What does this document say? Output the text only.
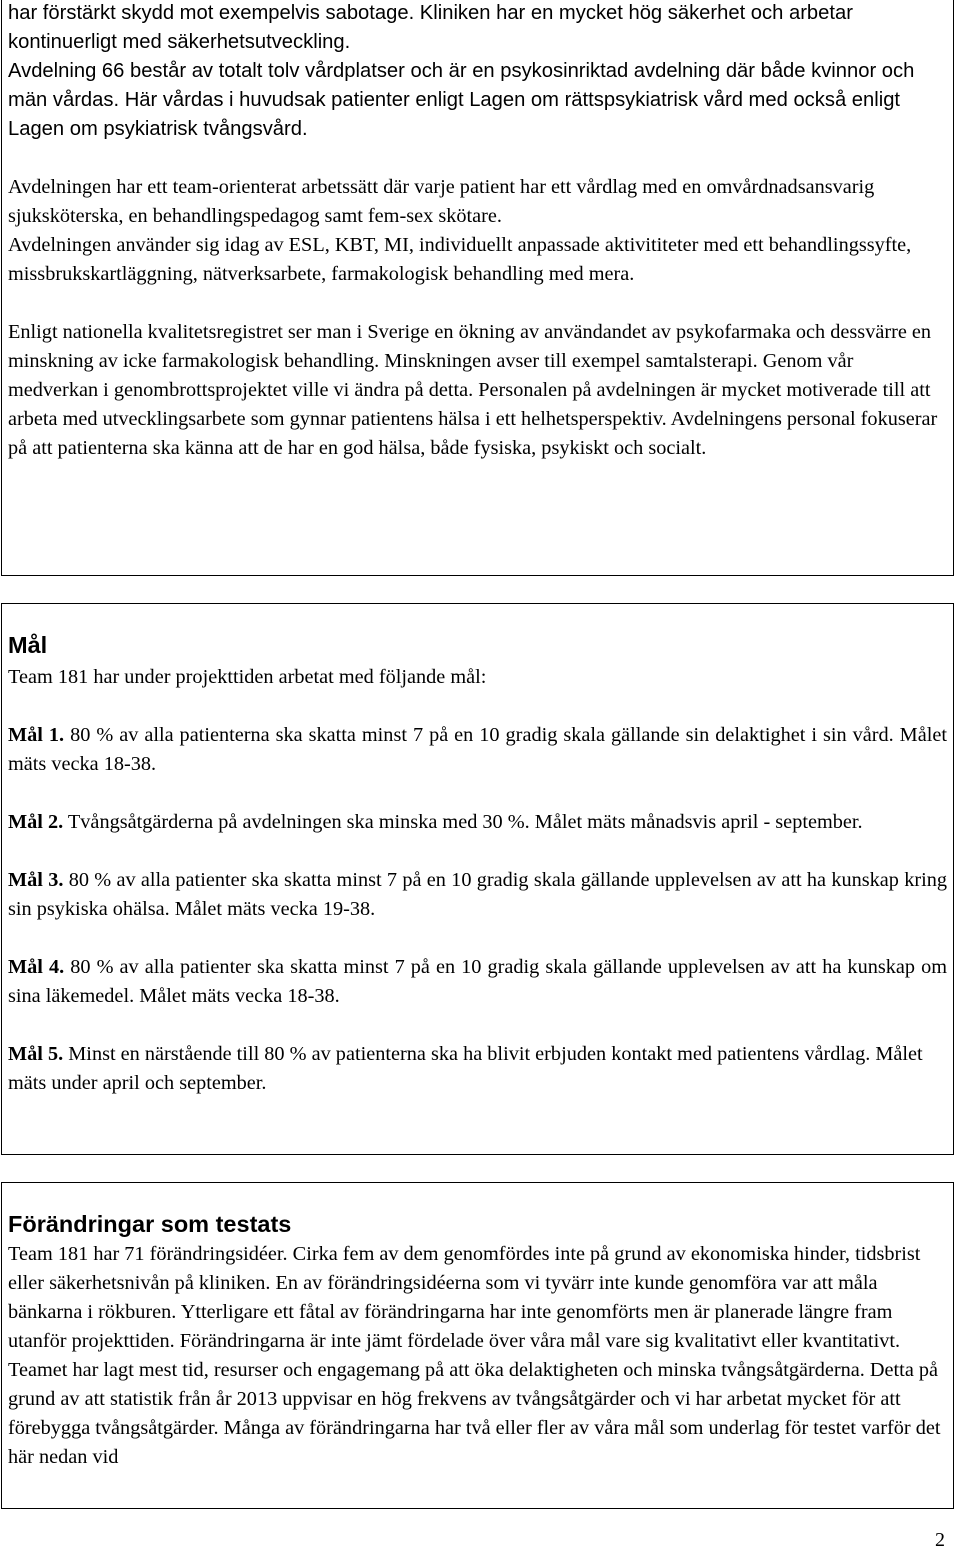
har förstärkt skydd mot exempelvis sabotage. Kliniken har en mycket hög säkerhet och arbetar kontinuerligt med säkerhetsutveckling.

Avdelning 66 består av totalt tolv vårdplatser och är en psykosinriktad avdelning där både kvinnor och män vårdas. Här vårdas i huvudsak patienter enligt Lagen om rättspsykiatrisk vård med också enligt Lagen om psykiatrisk tvångsvård.

Avdelningen har ett team-orienterat arbetssätt där varje patient har ett vårdlag med en omvårdnadsansvarig sjuksköterska, en behandlingspedagog samt fem-sex skötare.

Avdelningen använder sig idag av ESL, KBT, MI, individuellt anpassade aktivititeter med ett behandlingssyfte, missbrukskartläggning, nätverksarbete, farmakologisk behandling med mera.

Enligt nationella kvalitetsregistret ser man i Sverige en ökning av användandet av psykofarmaka och dessvärre en minskning av icke farmakologisk behandling. Minskningen avser till exempel samtalsterapi. Genom vår medverkan i genombrottsprojektet ville vi ändra på detta. Personalen på avdelningen är mycket motiverade till att arbeta med utvecklingsarbete som gynnar patientens hälsa i ett helhetsperspektiv. Avdelningens personal fokuserar på att patienterna ska känna att de har en god hälsa, både fysiska, psykiskt och socialt.

Mål

Team 181 har under projekttiden arbetat med följande mål:

Mål 1. 80 % av alla patienterna ska skatta minst 7 på en 10 gradig skala gällande sin delaktighet i sin vård. Målet mäts vecka 18-38.

Mål 2. Tvångsåtgärderna på avdelningen ska minska med 30 %. Målet mäts månadsvis april - september.

Mål 3. 80 % av alla patienter ska skatta minst 7 på en 10 gradig skala gällande upplevelsen av att ha kunskap kring sin psykiska ohälsa. Målet mäts vecka 19-38.

Mål 4. 80 % av alla patienter ska skatta minst 7 på en 10 gradig skala gällande upplevelsen av att ha kunskap om sina läkemedel. Målet mäts vecka 18-38.

Mål 5. Minst en närstående till 80 % av patienterna ska ha blivit erbjuden kontakt med patientens vårdlag. Målet mäts under april och september.

Förändringar som testats

Team 181 har 71 förändringsidéer. Cirka fem av dem genomfördes inte på grund av ekonomiska hinder, tidsbrist eller säkerhetsnivån på kliniken. En av förändringsidéerna som vi tyvärr inte kunde genomföra var att måla bänkarna i rökburen. Ytterligare ett fåtal av förändringarna har inte genomförts men är planerade längre fram utanför projekttiden. Förändringarna är inte jämt fördelade över våra mål vare sig kvalitativt eller kvantitativt. Teamet har lagt mest tid, resurser och engagemang på att öka delaktigheten och minska tvångsåtgärderna. Detta på grund av att statistik från år 2013 uppvisar en hög frekvens av tvångsåtgärder och vi har arbetat mycket för att förebygga tvångsåtgärder. Många av förändringarna har två eller fler av våra mål som underlag för testet varför det här nedan vid

2
